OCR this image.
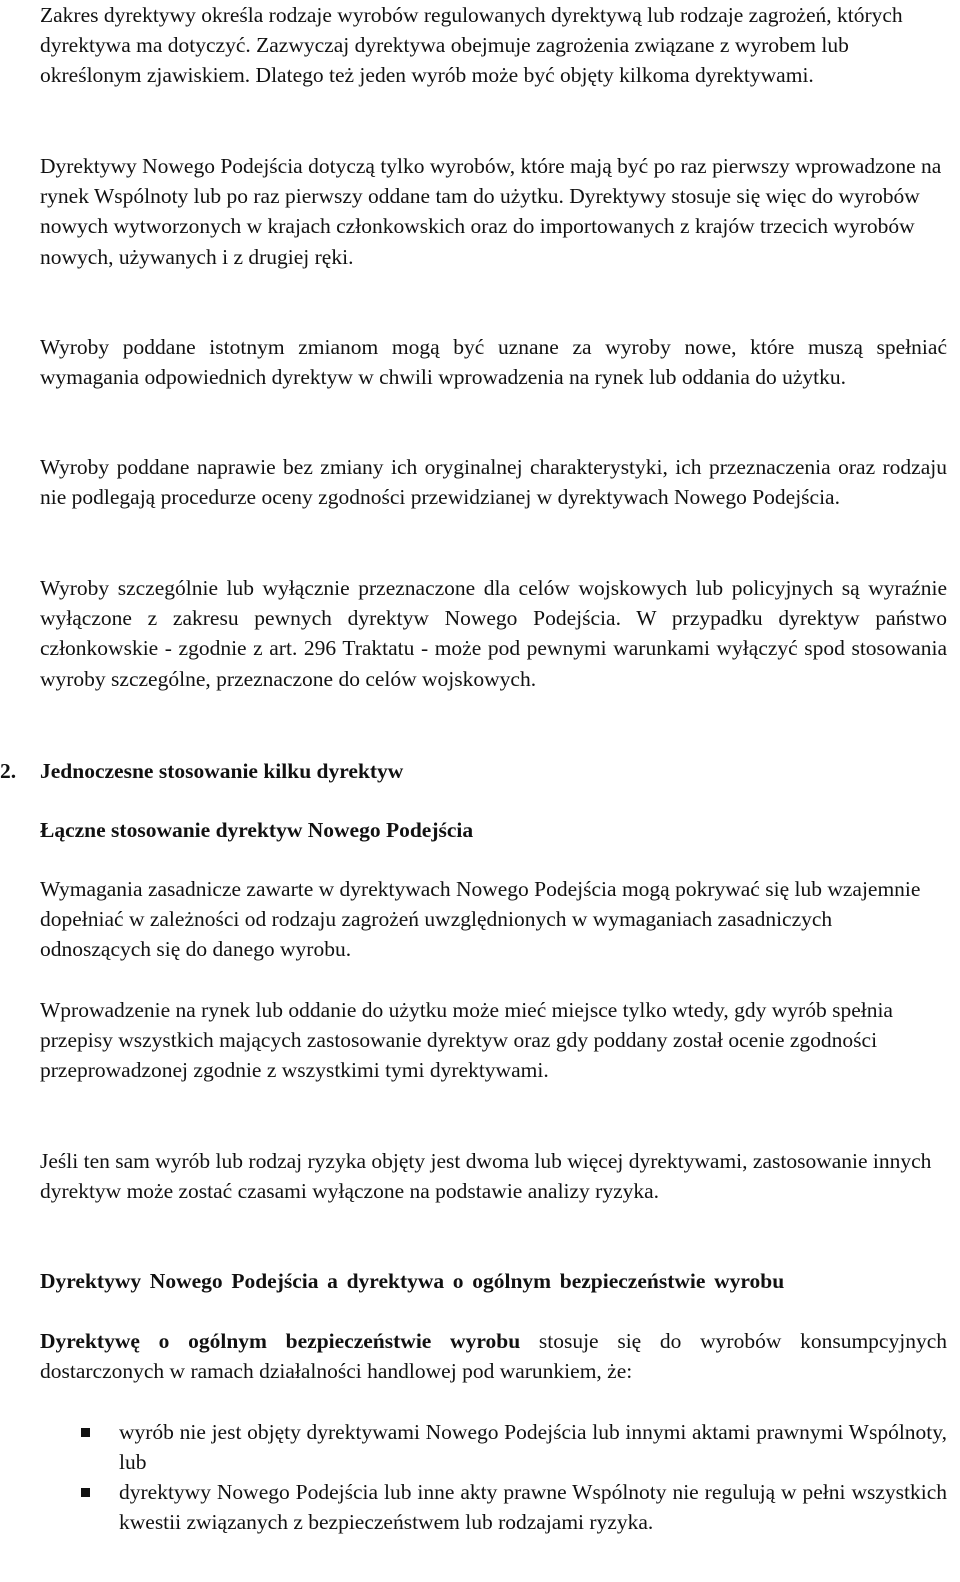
Zakres dyrektywy określa rodzaje wyrobów regulowanych dyrektywą lub rodzaje zagrożeń, których dyrektywa ma dotyczyć. Zazwyczaj dyrektywa obejmuje zagrożenia związane z wyrobem lub określonym zjawiskiem. Dlatego też jeden wyrób może być objęty kilkoma dyrektywami.

Dyrektywy Nowego Podejścia dotyczą tylko wyrobów, które mają być po raz pierwszy wprowadzone na rynek Wspólnoty lub po raz pierwszy oddane tam do użytku. Dyrektywy stosuje się więc do wyrobów nowych wytworzonych w krajach członkowskich oraz do importowanych z krajów trzecich wyrobów nowych, używanych i z drugiej ręki.

Wyroby poddane istotnym zmianom mogą być uznane za wyroby nowe, które muszą spełniać wymagania odpowiednich dyrektyw w chwili wprowadzenia na rynek lub oddania do użytku.

Wyroby poddane naprawie bez zmiany ich oryginalnej charakterystyki, ich przeznaczenia oraz rodzaju nie podlegają procedurze oceny zgodności przewidzianej w dyrektywach Nowego Podejścia.

Wyroby szczególnie lub wyłącznie przeznaczone dla celów wojskowych lub policyjnych są wyraźnie wyłączone z zakresu pewnych dyrektyw Nowego Podejścia. W przypadku dyrektyw państwo członkowskie - zgodnie z art. 296 Traktatu - może pod pewnymi warunkami wyłączyć spod stosowania wyroby szczególne, przeznaczone do celów wojskowych.

2. Jednoczesne stosowanie kilku dyrektyw

Łączne stosowanie dyrektyw Nowego Podejścia

Wymagania zasadnicze zawarte w dyrektywach Nowego Podejścia mogą pokrywać się lub wzajemnie dopełniać w zależności od rodzaju zagrożeń uwzględnionych w wymaganiach zasadniczych odnoszących się do danego wyrobu.

Wprowadzenie na rynek lub oddanie do użytku może mieć miejsce tylko wtedy, gdy wyrób spełnia przepisy wszystkich mających zastosowanie dyrektyw oraz gdy poddany został ocenie zgodności przeprowadzonej zgodnie z wszystkimi tymi dyrektywami.

Jeśli ten sam wyrób lub rodzaj ryzyka objęty jest dwoma lub więcej dyrektywami, zastosowanie innych dyrektyw może zostać czasami wyłączone na podstawie analizy ryzyka.

Dyrektywy Nowego Podejścia a dyrektywa o ogólnym bezpieczeństwie wyrobu

Dyrektywę o ogólnym bezpieczeństwie wyrobu stosuje się do wyrobów konsumpcyjnych dostarczonych w ramach działalności handlowej pod warunkiem, że:

wyrób nie jest objęty dyrektywami Nowego Podejścia lub innymi aktami prawnymi Wspólnoty, lub

dyrektywy Nowego Podejścia lub inne akty prawne Wspólnoty nie regulują w pełni wszystkich kwestii związanych z bezpieczeństwem lub rodzajami ryzyka.
